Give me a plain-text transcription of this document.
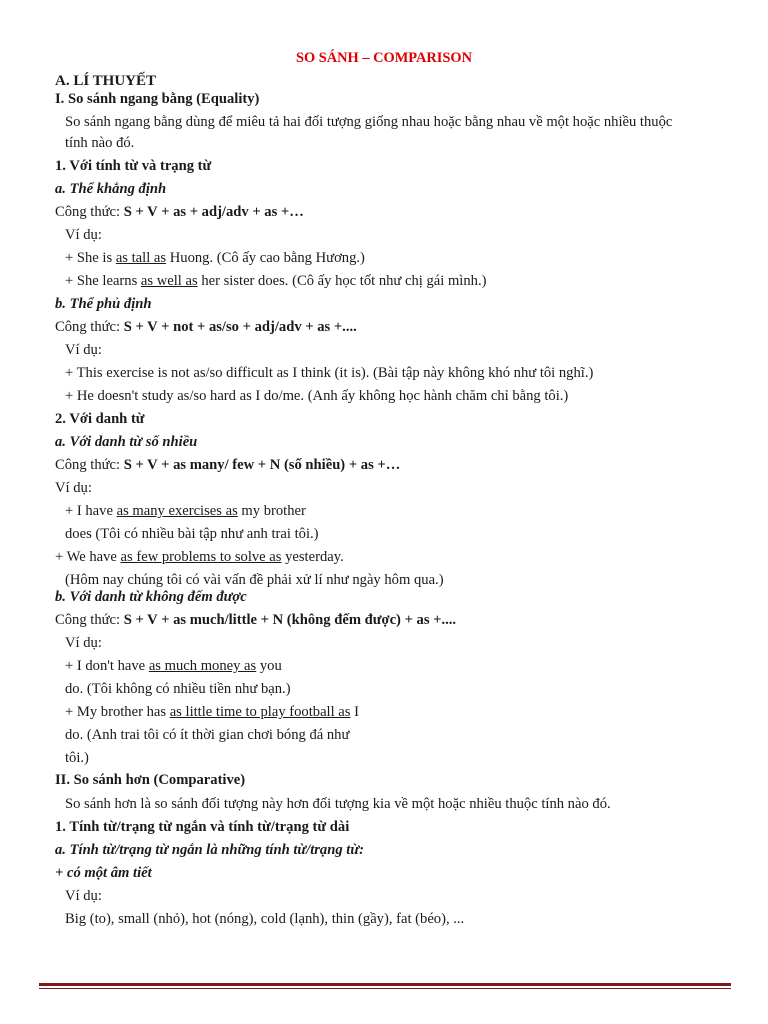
SO SÁNH – COMPARISON
A. LÍ THUYẾT
I. So sánh ngang bằng (Equality)
So sánh ngang bằng dùng để miêu tả hai đối tượng giống nhau hoặc bằng nhau về một hoặc nhiều thuộc
tính nào đó.
1. Với tính từ và trạng từ
a. Thể khẳng định
Công thức: S + V + as + adj/adv + as +…
Ví dụ:
+ She is as tall as Huong. (Cô ấy cao bằng Hương.)
+ She learns as well as her sister does. (Cô ấy học tốt như chị gái mình.)
b. Thể phủ định
Công thức: S + V + not + as/so + adj/adv + as +....
Ví dụ:
+ This exercise is not as/so difficult as I think (it is). (Bài tập này không khó như tôi nghĩ.)
+ He doesn't study as/so hard as I do/me. (Anh ấy không học hành chăm chỉ bằng tôi.)
2. Với danh từ
a. Với danh từ số nhiều
Công thức: S + V + as many/ few + N (số nhiều) + as +…
Ví dụ:
+ I have as many exercises as my brother
does (Tôi có nhiều bài tập như anh trai tôi.)
+ We have as few problems to solve as yesterday.
(Hôm nay chúng tôi có vài vấn đề phải xử lí như ngày hôm qua.)
b. Với danh từ không đếm được
Công thức: S + V + as much/little + N (không đếm được) + as +....
Ví dụ:
+ I don't have as much money as you
do. (Tôi không có nhiều tiền như bạn.)
+ My brother has as little time to play football as I
do. (Anh trai tôi có ít thời gian chơi bóng đá như
tôi.)
II. So sánh hơn (Comparative)
So sánh hơn là so sánh đối tượng này hơn đối tượng kia về một hoặc nhiều thuộc tính nào đó.
1. Tính từ/trạng từ ngắn và tính từ/trạng từ dài
a. Tính từ/trạng từ ngắn là những tính từ/trạng từ:
+ có một âm tiết
Ví dụ:
Big (to), small (nhỏ), hot (nóng), cold (lạnh), thin (gầy), fat (béo), ...
